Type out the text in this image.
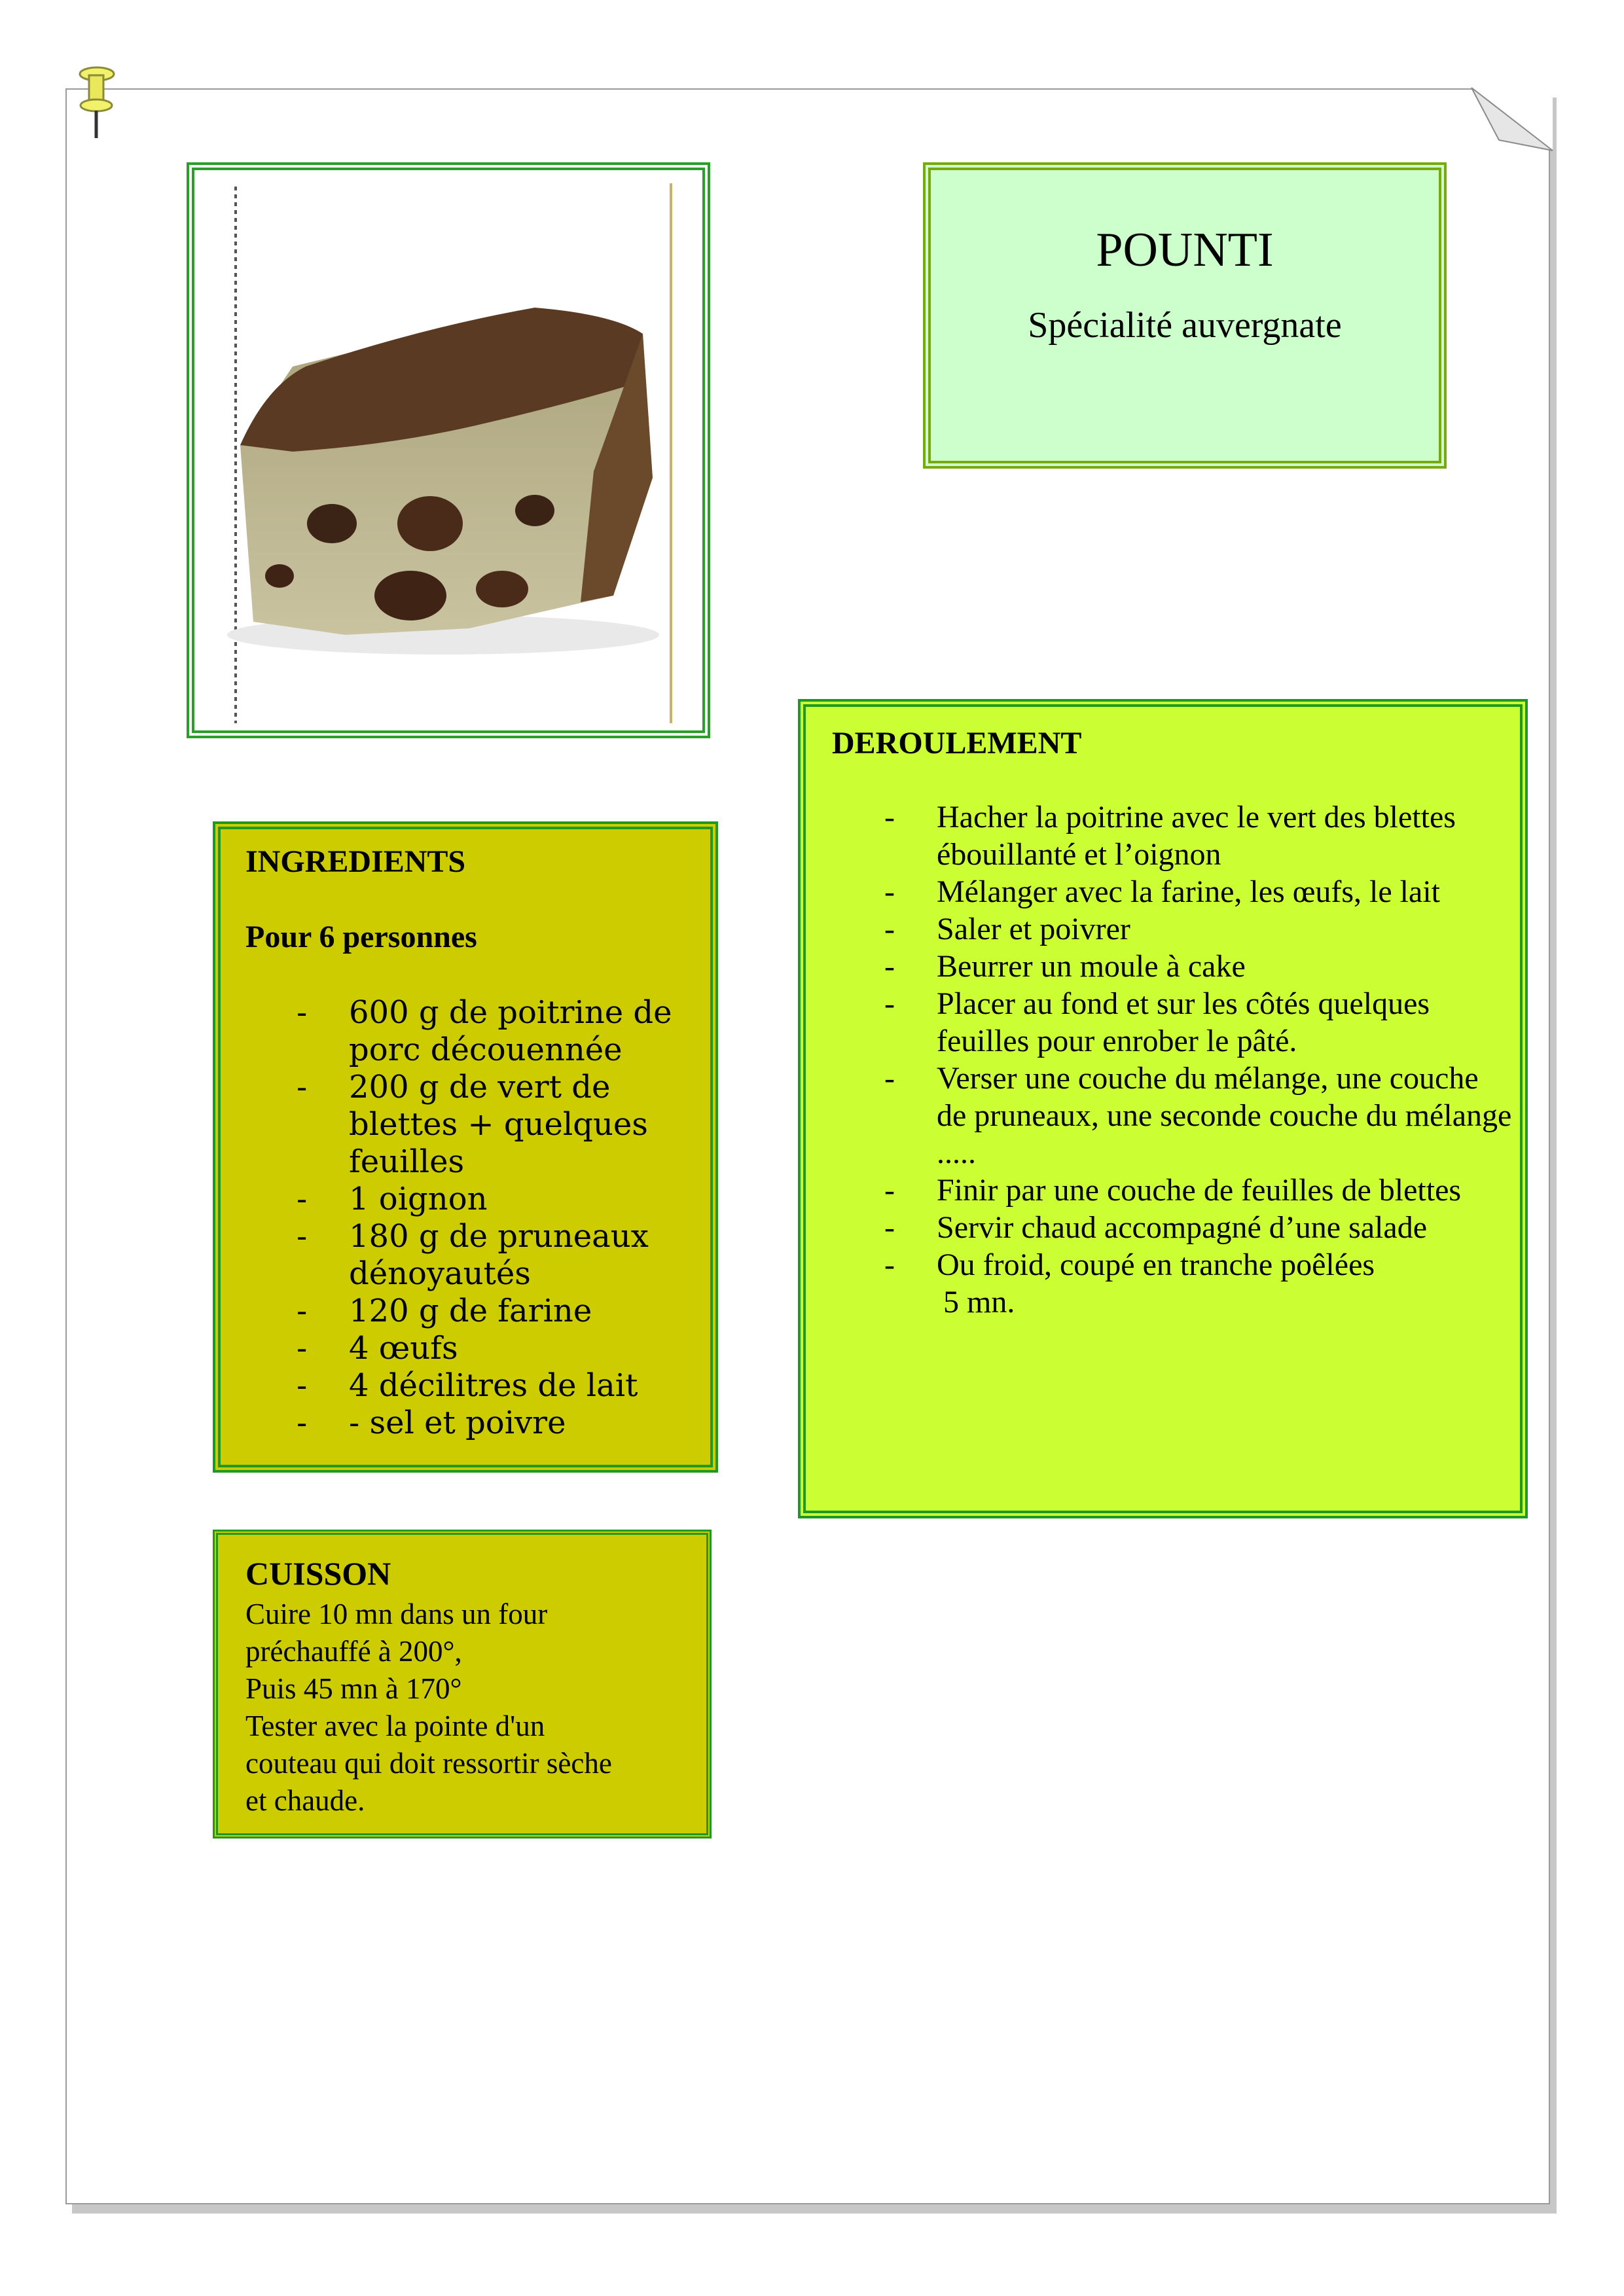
POUNTI
Spécialité auvergnate
INGREDIENTS
Pour 6 personnes
- 600 g de poitrine de porc découennée
- 200 g de vert de blettes + quelques feuilles
- 1 oignon
- 180 g de pruneaux dénoyautés
- 120 g de farine
- 4 œufs
- 4 décilitres de lait
- - sel et poivre
CUISSON
Cuire 10 mn dans un four
préchauffé à 200°,
Puis 45 mn à 170°
Tester avec la pointe d'un
couteau qui doit ressortir sèche
et chaude.
DEROULEMENT
- Hacher la poitrine avec le vert des blettes ébouillanté et l’oignon
- Mélanger avec la farine, les œufs, le lait
- Saler et poivrer
- Beurrer un moule à cake
- Placer au fond et sur les côtés quelques feuilles pour enrober le pâté.
- Verser une couche du mélange, une couche de pruneaux, une seconde couche du mélange .....
- Finir par une couche de feuilles de blettes
- Servir chaud accompagné d’une salade
- Ou froid, coupé en tranche poêlées
5 mn.
